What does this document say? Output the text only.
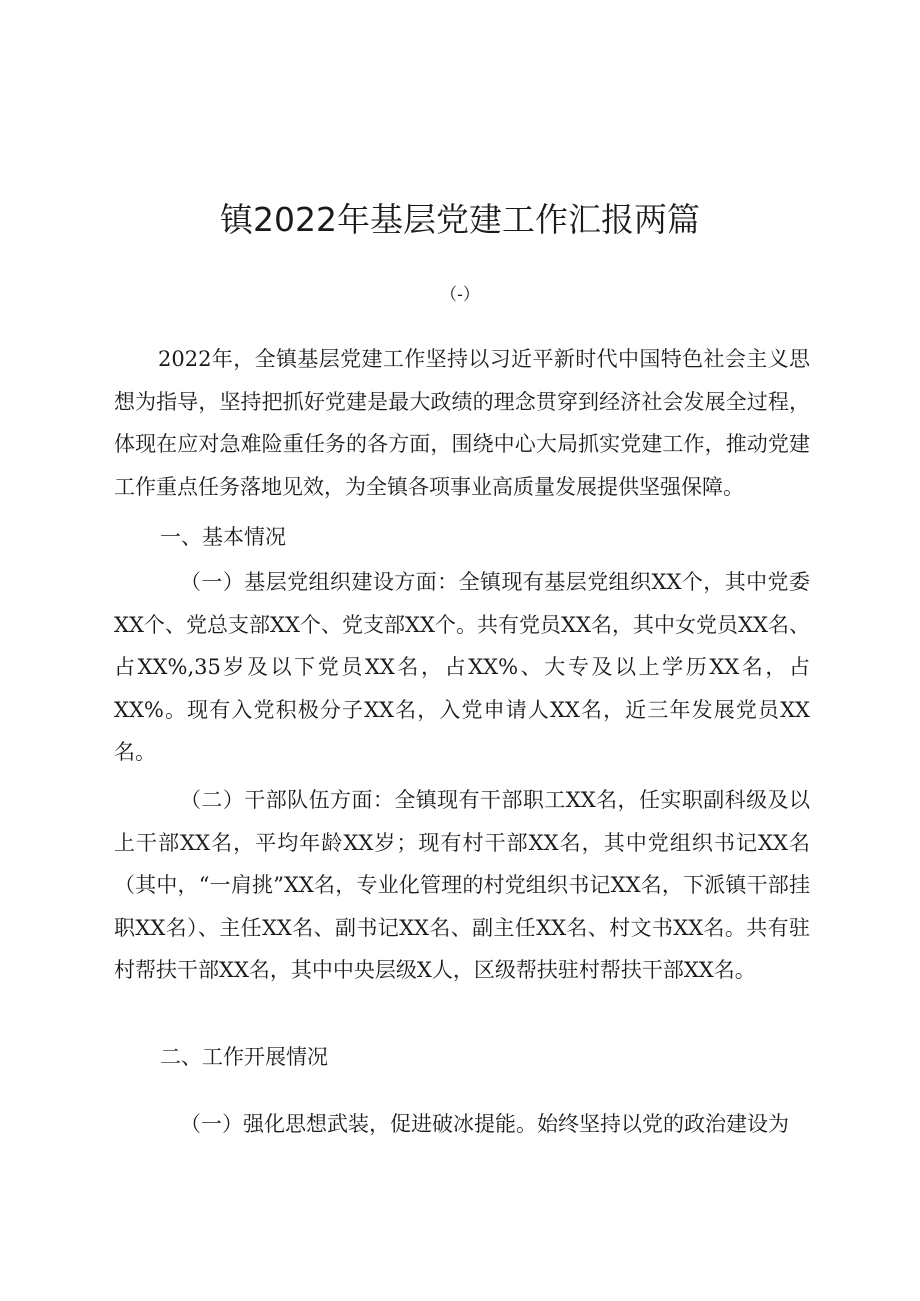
镇2022年基层党建工作汇报两篇

（-）

2022年，全镇基层党建工作坚持以习近平新时代中国特色社会主义思想为指导，坚持把抓好党建是最大政绩的理念贯穿到经济社会发展全过程，体现在应对急难险重任务的各方面，围绕中心大局抓实党建工作，推动党建工作重点任务落地见效，为全镇各项事业高质量发展提供坚强保障。

一、基本情况

（一）基层党组织建设方面：全镇现有基层党组织XX个，其中党委XX个、党总支部XX个、党支部XX个。共有党员XX名，其中女党员XX名、占XX%,35岁及以下党员XX名，占XX%、大专及以上学历XX名，占XX%。现有入党积极分子XX名，入党申请人XX名，近三年发展党员XX名。

（二）干部队伍方面：全镇现有干部职工XX名，任实职副科级及以上干部XX名，平均年龄XX岁；现有村干部XX名，其中党组织书记XX名（其中，“一肩挑”XX名，专业化管理的村党组织书记XX名，下派镇干部挂职XX名）、主任XX名、副书记XX名、副主任XX名、村文书XX名。共有驻村帮扶干部XX名，其中中央层级X人，区级帮扶驻村帮扶干部XX名。

二、工作开展情况

（一）强化思想武装，促进破冰提能。始终坚持以党的政治建设为
